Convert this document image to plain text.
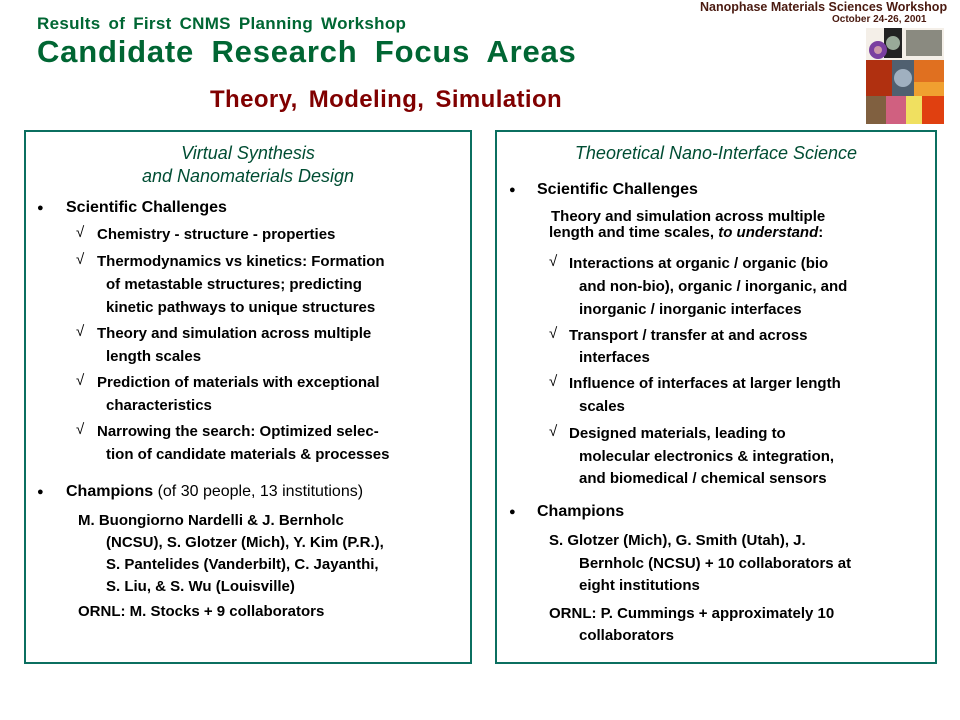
Results of First CNMS Planning Workshop
Candidate Research Focus Areas
Theory, Modeling, Simulation
Nanophase Materials Sciences Workshop
October 24-26, 2001
Virtual Synthesis
and Nanomaterials Design
● Scientific Challenges
√ Chemistry - structure - properties
√ Thermodynamics vs kinetics: Formation
of metastable structures; predicting
kinetic pathways to unique structures
√ Theory and simulation across multiple
length scales
√ Prediction of materials with exceptional
characteristics
√ Narrowing the search: Optimized selec-
tion of candidate materials & processes
● Champions (of 30 people, 13 institutions)
M. Buongiorno Nardelli & J. Bernholc
(NCSU), S. Glotzer (Mich), Y. Kim (P.R.),
S. Pantelides (Vanderbilt), C. Jayanthi,
S. Liu, & S. Wu (Louisville)
ORNL: M. Stocks + 9 collaborators
Theoretical Nano-Interface Science
● Scientific Challenges
Theory and simulation across multiple
length and time scales, to understand:
√ Interactions at organic / organic (bio
and non-bio), organic / inorganic, and
inorganic / inorganic interfaces
√ Transport / transfer at and across
interfaces
√ Influence of interfaces at larger length
scales
√ Designed materials, leading to
molecular electronics & integration,
and biomedical / chemical sensors
● Champions
S. Glotzer (Mich), G. Smith (Utah), J.
Bernholc (NCSU) + 10 collaborators at
eight institutions
ORNL: P. Cummings + approximately 10
collaborators
